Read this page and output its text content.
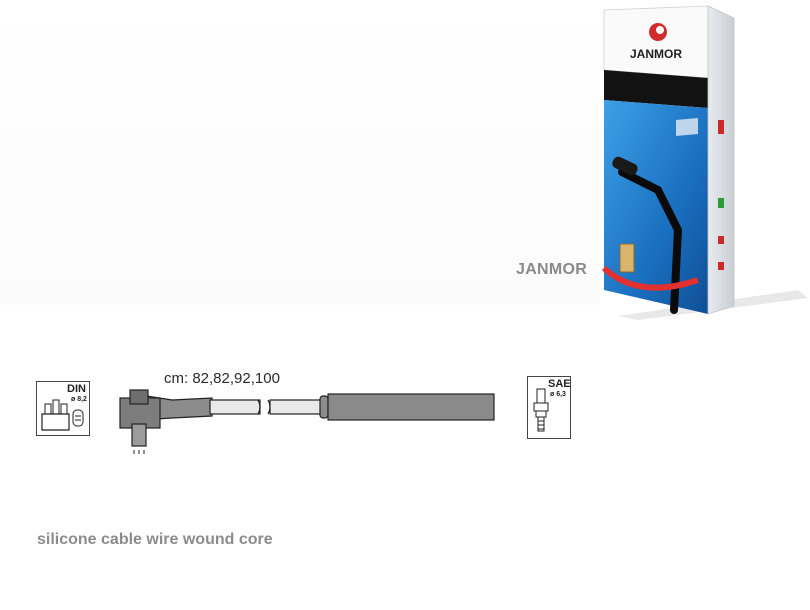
JANMOR
JANMOR
cm: 82,82,92,100
DIN
ø 8,2
SAE
ø 6,3
silicone cable wire wound core
